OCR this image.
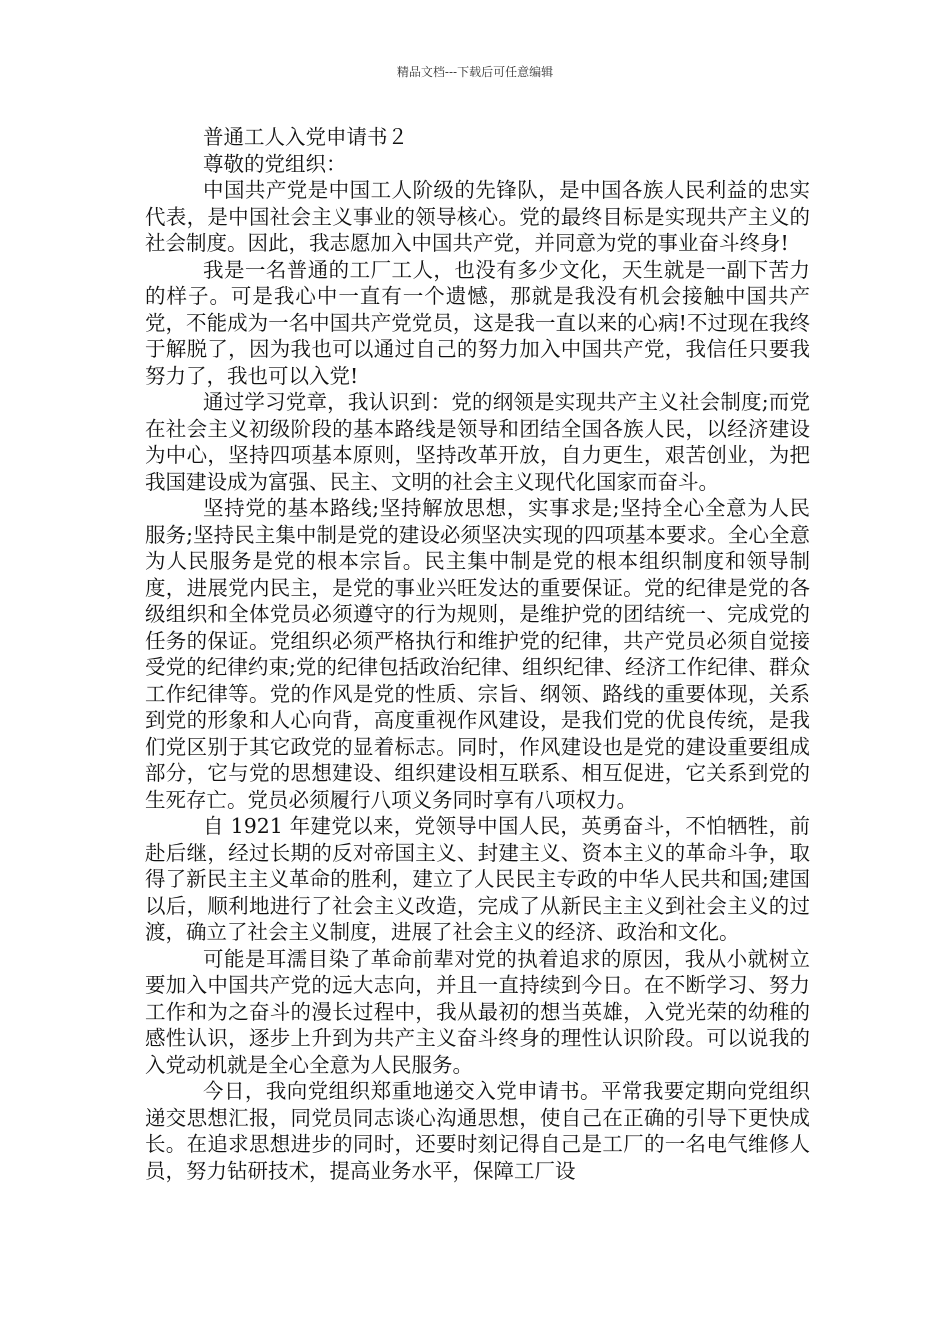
精品文档---下载后可任意编辑

普通工人入党申请书２

尊敬的党组织：

中国共产党是中国工人阶级的先锋队，是中国各族人民利益的忠实代表，是中国社会主义事业的领导核心。党的最终目标是实现共产主义的社会制度。因此，我志愿加入中国共产党，并同意为党的事业奋斗终身!

我是一名普通的工厂工人，也没有多少文化，天生就是一副下苦力的样子。可是我心中一直有一个遗憾，那就是我没有机会接触中国共产党，不能成为一名中国共产党党员，这是我一直以来的心病!不过现在我终于解脱了，因为我也可以通过自己的努力加入中国共产党，我信任只要我努力了，我也可以入党!

通过学习党章，我认识到：党的纲领是实现共产主义社会制度;而党在社会主义初级阶段的基本路线是领导和团结全国各族人民，以经济建设为中心，坚持四项基本原则，坚持改革开放，自力更生，艰苦创业，为把我国建设成为富强、民主、文明的社会主义现代化国家而奋斗。

坚持党的基本路线;坚持解放思想，实事求是;坚持全心全意为人民服务;坚持民主集中制是党的建设必须坚决实现的四项基本要求。全心全意为人民服务是党的根本宗旨。民主集中制是党的根本组织制度和领导制度，进展党内民主，是党的事业兴旺发达的重要保证。党的纪律是党的各级组织和全体党员必须遵守的行为规则，是维护党的团结统一、完成党的任务的保证。党组织必须严格执行和维护党的纪律，共产党员必须自觉接受党的纪律约束;党的纪律包括政治纪律、组织纪律、经济工作纪律、群众工作纪律等。党的作风是党的性质、宗旨、纲领、路线的重要体现，关系到党的形象和人心向背，高度重视作风建设，是我们党的优良传统，是我们党区别于其它政党的显着标志。同时，作风建设也是党的建设重要组成部分，它与党的思想建设、组织建设相互联系、相互促进，它关系到党的生死存亡。党员必须履行八项义务同时享有八项权力。

自 1921 年建党以来，党领导中国人民，英勇奋斗，不怕牺牲，前赴后继，经过长期的反对帝国主义、封建主义、资本主义的革命斗争，取得了新民主主义革命的胜利，建立了人民民主专政的中华人民共和国;建国以后，顺利地进行了社会主义改造，完成了从新民主主义到社会主义的过渡，确立了社会主义制度，进展了社会主义的经济、政治和文化。

可能是耳濡目染了革命前辈对党的执着追求的原因，我从小就树立要加入中国共产党的远大志向，并且一直持续到今日。在不断学习、努力工作和为之奋斗的漫长过程中，我从最初的想当英雄，入党光荣的幼稚的感性认识，逐步上升到为共产主义奋斗终身的理性认识阶段。可以说我的入党动机就是全心全意为人民服务。

今日，我向党组织郑重地递交入党申请书。平常我要定期向党组织递交思想汇报，同党员同志谈心沟通思想，使自己在正确的引导下更快成长。在追求思想进步的同时，还要时刻记得自己是工厂的一名电气维修人员，努力钻研技术，提高业务水平，保障工厂设
